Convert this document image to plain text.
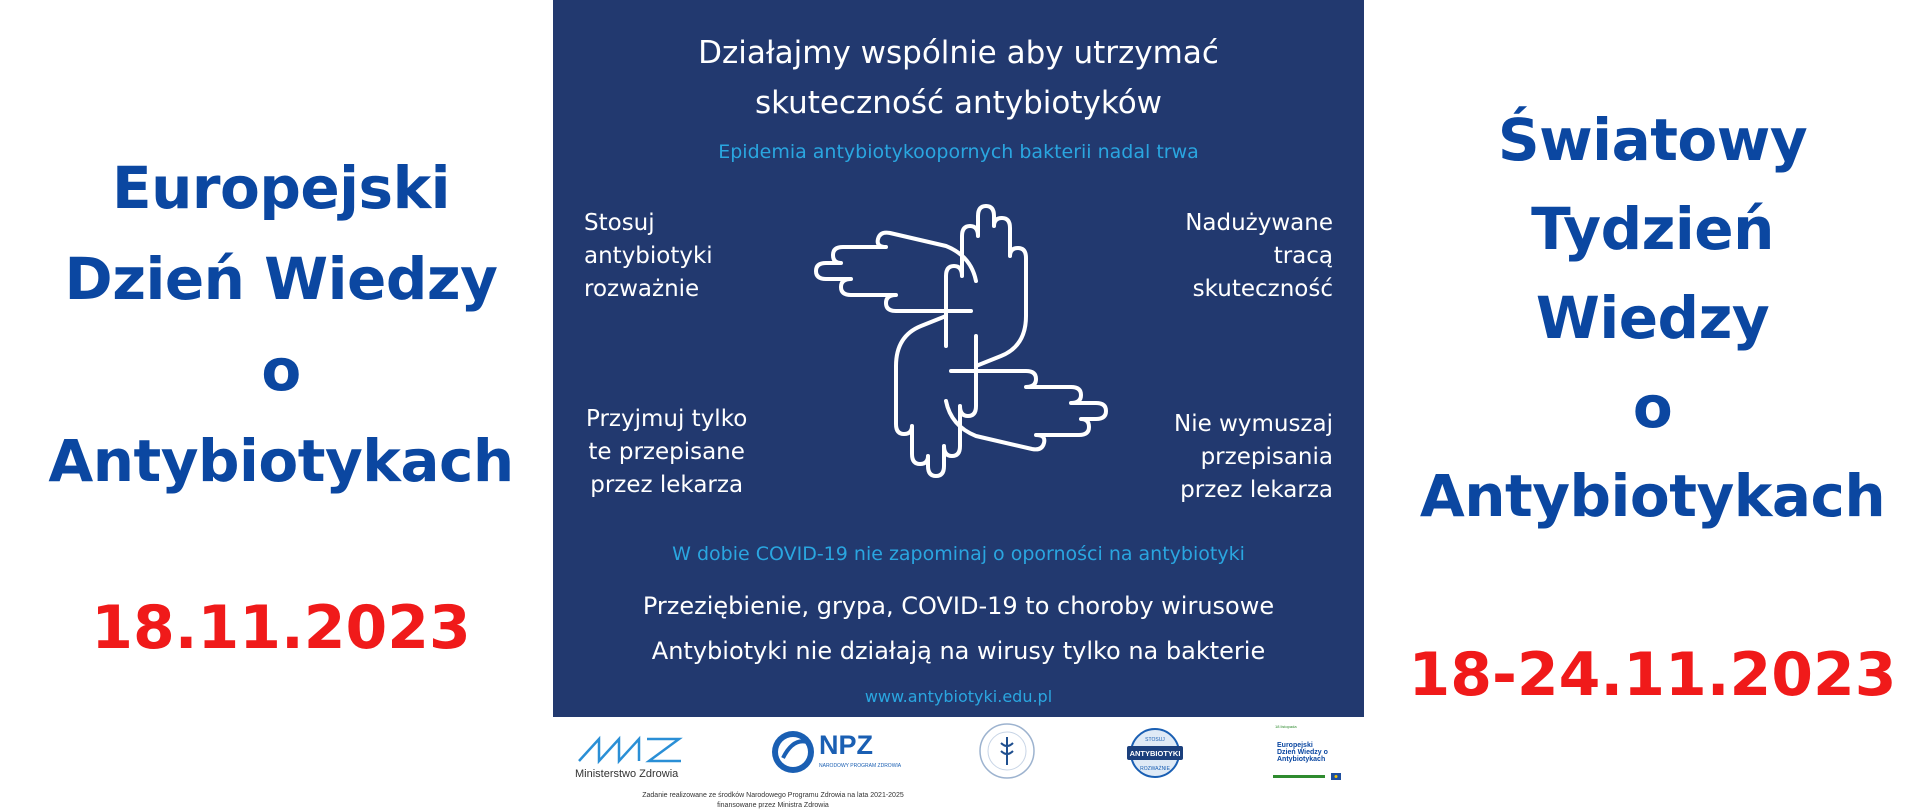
Europejski
Dzień Wiedzy
o
Antybiotykach
18.11.2023
Działajmy wspólnie aby utrzymać
skuteczność antybiotyków
Epidemia antybiotykoopornych bakterii nadal trwa
Stosuj
antybiotyki
rozważnie
Nadużywane
tracą
skuteczność
Przyjmuj tylko
te przepisane
przez lekarza
Nie wymuszaj
przepisania
przez lekarza
W dobie COVID-19 nie zapominaj o oporności na antybiotyki
Przeziębienie, grypa, COVID-19 to choroby wirusowe
Antybiotyki nie działają na wirusy tylko na bakterie
www.antybiotyki.edu.pl
Ministerstwo Zdrowia
NPZ
NARODOWY PROGRAM ZDROWIA
ANTYBIOTYKI
STOSUJ
ROZWAŻNIE
18 listopada
Europejski
Dzień Wiedzy o
Antybiotykach
Zadanie realizowane ze środków Narodowego Programu Zdrowia na lata 2021-2025
finansowane przez Ministra Zdrowia
Światowy
Tydzień
Wiedzy
o
Antybiotykach
18-24.11.2023
